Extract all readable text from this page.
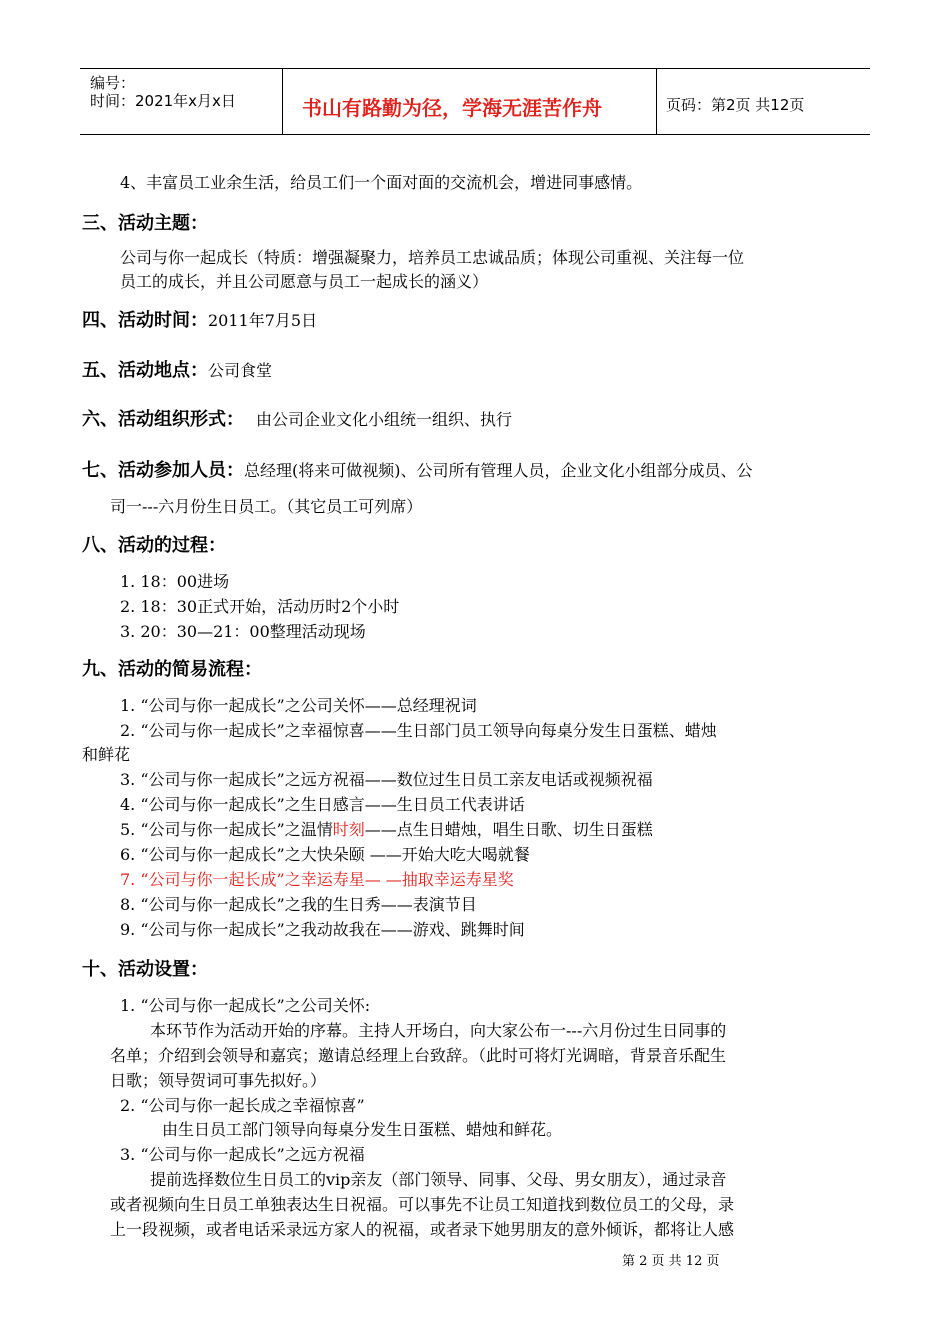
编号：
时间：2021年x月x日	书山有路勤为径，学海无涯苦作舟	页码：第2页 共12页
4、丰富员工业余生活，给员工们一个面对面的交流机会，增进同事感情。
三、活动主题：
公司与你一起成长（特质：增强凝聚力，培养员工忠诚品质；体现公司重视、关注每一位
员工的成长，并且公司愿意与员工一起成长的涵义）
四、活动时间：2011年7月5日
五、活动地点：公司食堂
六、活动组织形式： 由公司企业文化小组统一组织、执行
七、活动参加人员：总经理(将来可做视频)、公司所有管理人员，企业文化小组部分成员、公
司一---六月份生日员工。（其它员工可列席）
八、活动的过程：
1. 18：00进场
2. 18：30正式开始，活动历时2个小时
3. 20：30—21：00整理活动现场
九、活动的简易流程：
1. “公司与你一起成长”之公司关怀——总经理祝词
2. “公司与你一起成长”之幸福惊喜——生日部门员工领导向每桌分发生日蛋糕、蜡烛
和鲜花
3. “公司与你一起成长”之远方祝福——数位过生日员工亲友电话或视频祝福
4. “公司与你一起成长”之生日感言——生日员工代表讲话
5. “公司与你一起成长”之温情时刻——点生日蜡烛，唱生日歌、切生日蛋糕
6. “公司与你一起成长”之大快朵颐 ——开始大吃大喝就餐
7. “公司与你一起长成”之幸运寿星— —抽取幸运寿星奖
8. “公司与你一起成长”之我的生日秀——表演节目
9. “公司与你一起成长”之我动故我在——游戏、跳舞时间
十、活动设置：
1. “公司与你一起成长”之公司关怀:
本环节作为活动开始的序幕。主持人开场白，向大家公布一---六月份过生日同事的
名单；介绍到会领导和嘉宾；邀请总经理上台致辞。（此时可将灯光调暗，背景音乐配生
日歌；领导贺词可事先拟好。）
2. “公司与你一起长成之幸福惊喜”
由生日员工部门领导向每桌分发生日蛋糕、蜡烛和鲜花。
3. “公司与你一起成长”之远方祝福
提前选择数位生日员工的vip亲友（部门领导、同事、父母、男女朋友），通过录音
或者视频向生日员工单独表达生日祝福。可以事先不让员工知道找到数位员工的父母，录
上一段视频，或者电话采录远方家人的祝福，或者录下她男朋友的意外倾诉，都将让人感
第 2 页 共 12 页
